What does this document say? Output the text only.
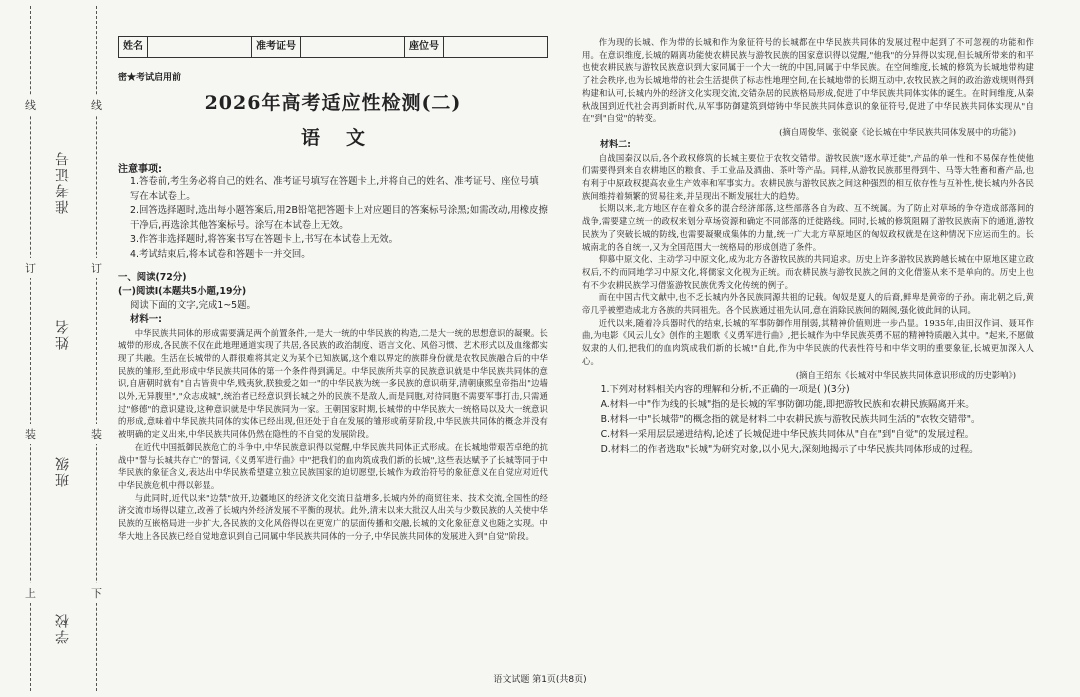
线
订
装
上
线
订
装
下
准考证号
姓名
班级
学校
姓名	准考证号	座位号
密★考试启用前
2026年高考适应性检测(二)
语文
注意事项:

1.答卷前,考生务必将自己的姓名、准考证号填写在答题卡上,并将自己的姓名、准考证号、座位号填写在本试卷上。

2.回答选择题时,选出每小题答案后,用2B铅笔把答题卡上对应题目的答案标号涂黑;如需改动,用橡皮擦干净后,再选涂其他答案标号。涂写在本试卷上无效。

3.作答非选择题时,将答案书写在答题卡上,书写在本试卷上无效。

4.考试结束后,将本试卷和答题卡一并交回。

一、阅读(72分)

(一)阅读Ⅰ(本题共5小题,19分)

阅读下面的文字,完成1~5题。

材料一:

中华民族共同体的形成需要满足两个前置条件,一是大一统的中华民族的构造,二是大一统的思想意识的凝聚。长城带的形成,各民族不仅在此地理通道实现了共居,各民族的政治制度、语言文化、风俗习惯、艺术形式以及血缘都实现了共融。生活在长城带的人群很难将其定义为某个已知族属,这个难以界定的族群身份就是农牧民族融合后的中华民族的雏形,至此形成中华民族共同体的第一个条件得到满足。中华民族所共享的民族意识就是中华民族共同体的意识,自唐朝时就有"自古皆贵中华,贱夷狄,朕独爱之如一"的中华民族为统一多民族的意识萌芽,清朝康熙皇帝指出"边墙以外,无异腹里","众志成城",统治者已经意识到长城之外的民族不是敌人,而是同胞,对待同胞不需要军事打击,只需通过"修德"的意识建设,这种意识就是中华民族同为一家。王朝国家时期,长城带的中华民族大一统格局以及大一统意识的形成,意味着中华民族共同体的实体已经出现,但还处于自在发展的雏形或萌芽阶段,中华民族共同体的概念并没有被明确的定义出来,中华民族共同体仍然在隐性的不自觉的发展阶段。

在近代中国抵御民族危亡的斗争中,中华民族意识得以觉醒,中华民族共同体正式形成。在长城地带艰苦卓绝的抗战中"誓与长城共存亡"的誓词,《义勇军进行曲》中"把我们的血肉筑成我们新的长城",这些表达赋予了长城等同于中华民族的象征含义,表达出中华民族希望建立独立民族国家的迫切愿望,长城作为政治符号的象征意义在自觉应对近代中华民族危机中得以彰显。

与此同时,近代以来"边禁"放开,边疆地区的经济文化交流日益增多,长城内外的商贸往来、技术交流,全国性的经济交流市场得以建立,改善了长城内外经济发展不平衡的现状。此外,清末以来大批汉人出关与少数民族的人关使中华民族的互嵌格局进一步扩大,各民族的文化风俗得以在更宽广的层面传播和交融,长城的文化象征意义也随之实现。中华大地上各民族已经自觉地意识到自己同属中华民族共同体的一分子,中华民族共同体的发展进入到"自觉"阶段。

作为现的长城、作为带的长城和作为象征符号的长城都在中华民族共同体的发展过程中起到了不可忽视的功能和作用。在意识维度,长城的隔离功能使农耕民族与游牧民族的国家意识得以觉醒,"他我"的分异得以实现,但长城所带来的和平也使农耕民族与游牧民族意识到大家同属于一个大一统的中国,同属于中华民族。在空间维度,长城的修筑为长城地带构建了社会秩序,也为长城地带的社会生活提供了标志性地理空间,在长城地带的长期互动中,农牧民族之间的政治游戏规则得到构建和认可,长城内外的经济文化实现交流,交错杂居的民族格局形成,促进了中华民族共同体实体的诞生。在时间维度,从秦秋战国到近代社会再到新时代,从军事防御建筑到熔铸中华民族共同体意识的象征符号,促进了中华民族共同体实现从"自在"到"自觉"的转变。

(摘自周俊华、张锐豪《论长城在中华民族共同体发展中的功能》)

材料二:

自战国秦汉以后,各个政权修筑的长城主要位于农牧交错带。游牧民族"逐水草迁徙",产品的单一性和不易保存性使他们需要得到来自农耕地区的粮食、手工业品及酒曲、茶叶等产品。同样,从游牧民族那里得到牛、马等大牲畜和畜产品,也有利于中原政权提高农业生产效率和军事实力。农耕民族与游牧民族之间这种强烈的相互依存性与互补性,使长城内外各民族间维持着频繁的贸易往来,并呈现出不断发展壮大的趋势。

长期以来,北方地区存在着众多的混合经济部落,这些部落各自为政、互不统属。为了防止对草场的争夺造成部落间的战争,需要建立统一的政权来划分草场资源和确定不同部落的迁徙路线。同时,长城的修筑阻隔了游牧民族南下的通道,游牧民族为了突破长城的防线,也需要凝聚成集体的力量,统一广大北方草原地区的匈奴政权就是在这种情况下应运而生的。长城南北的各自统一,又为全国范围大一统格局的形成创造了条件。

仰慕中原文化、主动学习中原文化,成为北方各游牧民族的共同追求。历史上许多游牧民族跨越长城在中原地区建立政权后,不约而同地学习中原文化,将儒家文化视为正统。而农耕民族与游牧民族之间的文化借鉴从来不是单向的。历史上也有不少农耕民族学习借鉴游牧民族优秀文化传统的例子。

而在中国古代文献中,也不乏长城内外各民族同源共祖的记载。匈奴是夏人的后裔,鲜卑是黄帝的子孙。南北朝之后,黄帝几乎被塑造成北方各族的共同祖先。各个民族通过祖先认同,意在消除民族间的隔阂,强化彼此间的认同。

近代以来,随着冷兵器时代的结束,长城的军事防御作用削弱,其精神价值则进一步凸显。1935年,由田汉作词、聂耳作曲,为电影《风云儿女》创作的主题歌《义勇军进行曲》,把长城作为中华民族英勇不屈的精神特质融入其中。"起来,不愿做奴隶的人们,把我们的血肉筑成我们新的长城!"自此,作为中华民族的代表性符号和中华文明的重要象征,长城更加深入人心。

(摘自王绍东《长城对中华民族共同体意识形成的历史影响》)

1.下列对材料相关内容的理解和分析,不正确的一项是( )(3分)

A.材料一中"作为线的长城"指的是长城的军事防御功能,即把游牧民族和农耕民族隔离开来。

B.材料一中"长城带"的概念指的就是材料二中农耕民族与游牧民族共同生活的"农牧交错带"。

C.材料一采用层层递进结构,论述了长城促进中华民族共同体从"自在"到"自觉"的发展过程。

D.材料二的作者选取"长城"为研究对象,以小见大,深刻地揭示了中华民族共同体形成的过程。

语文试题 第1页(共8页)
